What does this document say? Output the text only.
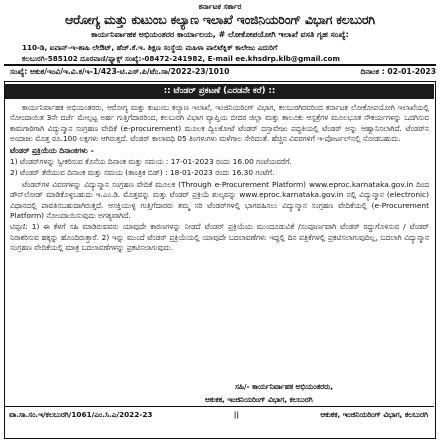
ಕರ್ನಾಟಕ ಸರ್ಕಾರ
ಆರೋಗ್ಯ ಮತ್ತು ಕುಟುಂಬ ಕಲ್ಯಾಣ ಇಲಾಖೆ ಇಂಜಿನಿಯರಿಂಗ್ ವಿಭಾಗ ಕಲಬುರಗಿ
ಕಾರ್ಯನಿರ್ವಾಹಕ ಅಭಿಯಂತರರ ಕಾರ್ಯಾಲಯ, # ಲೋಕೋಪಯೋಗಿ ಇಲಾಖೆ ವಸತಿ ಗೃಹ ಸಂಖ್ಯೆ:
110-ಡಿ, ಐವಾನ್-ಇ-ಶಾಹಿ ಲೇಔಟ್, ಹೆಚ್.ಕೆ.ಇ. ಶಿಕ್ಷಣ ಸಂಸ್ಥೆಯ ಮಹಿಳಾ ಪಾಲಿಟೆಕ್ನಿಕ್ ಕಾಲೇಜು ಎದುರಿಗೆ
ಕಲಬುರಗಿ-585102 ದೂರವಾಣಿ/ಫ್ಯಾಕ್ಸ್ ಸಂಖ್ಯೆ:-08472-241982, E-mail ee.khsdrp.klb@gmail.com
ಸಂಖ್ಯೆ: ಆಕುಕ/ಇಂವಿ/ಇ.ವಿ.ಕ/ಇ-1/423-ಟಿ.ಎಸ್.ಪಿ/ಟೆಂ.ಸಾ/2022-23/1010	ದಿನಾಂಕ : 02-01-2023
:: ಟೆಂಡರ್ ಪ್ರಕಟಣೆ (ಎರಡನೇ ಕರೆ) ::

ಕಾರ್ಯನಿರ್ವಾಹಕ ಅಭಿಯಂತರರು, ಆರೋಗ್ಯ ಮತ್ತು ಕುಟುಂಬ ಕಲ್ಯಾಣ ಇಲಾಖೆ, ಇಂಜಿನಿಯರಿಂಗ್ ವಿಭಾಗ, ಕಲಬುರಗಿರವರಿಂದ ಕರ್ನಾಟಕ ಲೋಕೋಪಯೋಗಿ ಇಲಾಖೆಯಲ್ಲಿ ನೋಂದಾಯಿತ 3ನೇ ದರ್ಜೆ ಮೇಲ್ಪಟ್ಟ ಅರ್ಹ ಗುತ್ತಿಗೆದಾರರಿಂದ, ಕಲಬುರಗಿ ವಿಭಾಗ ವ್ಯಾಪ್ತಿಯ ಬೀದರ ಜಿಲ್ಲಾ ಮತ್ತು ತಾಲೂಕು ಆಸ್ಪತ್ರೆಗಳ ಮೂಲಭೂತ ಸೌಕರ್ಯಗಳನ್ನು ಒದಗಿಸುವ ಕಾಮಗಾರಿಗಾಗಿ ವಿದ್ಯುನ್ಮಾನ ಸಂಗ್ರಹಣ ವೇದಿಕೆ (e-procurement) ಮೂಲಕ ದ್ವಿಲಕೋಟೆ ಟೆಂಡರ್ ದಸ್ತಾವೇಜು ಪದ್ಧತಿಯಲ್ಲಿ ಟೆಂಡರ್ ಅನ್ನು ಆಹ್ವಾನಿಸಲಾಗಿದೆ. ಟೆಂಡರ್‌ನ ಅಂದಾಜು ಮೊತ್ತ ರೂ.100 ಲಕ್ಷಗಳು ಆಗಿರುತ್ತದೆ. ಟೆಂಡರ್ ಕಾಲಾವಧಿ 05 ತಿಂಗಳುಗಳು ಮಳೆಗಾಲ ಸೇರಿದಂತೆ. ಹೆಚ್ಚಿನ ವಿವರಗಳಿಗೆ ಇ-ಪೋರ್ಟಲ್‌ನಲ್ಲಿ ನೋಡಬಹುದು.

ಟೆಂಡರ್ ಪ್ರಕ್ರಿಯೆಯ ದಿನಾಂಕಗಳು –

1) ಟೆಂಡರ್‌ಗಳನ್ನು ಸ್ವೀಕರಿಸುವ ಕೊನೆಯ ದಿನಾಂಕ ಮತ್ತು ಸಮಯ : 17-01-2023 ರಂದು 16.00 ಗಂಟೆಯವರೆಗೆ.

2) ಟೆಂಡರ್ ತೆರೆಯುವ ದಿನಾಂಕ ಮತ್ತು ಸಮಯ (ತಾಂತ್ರಿಕ ಬಿಡ್) : 18-01-2023 ರಂದು 16.30 ಗಂಟೆಗೆ.

ಟೆಂಡರ್‌ಗಳ ವಿವರಗಳನ್ನು ವಿದ್ಯುನ್ಮಾನ ಸಂಗ್ರಹಣ ವೇದಿಕೆ ಮೂಲಕ (Through e-Procurement Platform) www.eproc.karnataka.gov.in ದಿಂದ ಡೌನ್‌ಲೋಡ್ ಮಾಡಿಕೊಳ್ಳಬಹುದು ಇ.ಎಂ.ಡಿ. ಮೊತ್ತವನ್ನು ಮತ್ತು ಟೆಂಡರ್ ಪ್ರಕ್ರಿಯೆ ಶುಲ್ಕವನ್ನು www.eproc.karnataka.gov.in ನಲ್ಲಿ ವಿದ್ಯುನ್ಮಾನ (electronic) ವಿಧಾನದಲ್ಲಿ ಪಾವತಿಸಬಹುದಾಗಿರುತ್ತದೆ. ಆಸಕ್ತಿಯುಳ್ಳ ಗುತ್ತಿಗೆದಾರರು ತಮ್ಮ ಸರಿ ಟೆಂಡರ್‌ಗಳಲ್ಲಿ ಭಾಗವಹಿಸಲು ವಿದ್ಯುನ್ಮಾನ ಸಂಗ್ರಹಣ ವೇದಿಕೆಯಲ್ಲಿ (e-Procurement Platform) ನೋಂದಾಯಿಸುವುದು ಅಗತ್ಯವಾಗಿದೆ.

ಟಿಪ್ಪಣಿ: 1) ಈ ಕೆಳಗೆ ಸಹಿ ಮಾಡಿರುವವರು ಯಾವುದೇ ಕಾರಣಗಳನ್ನು ನೀಡದೆ ಟೆಂಡರ್ ಪ್ರಕ್ರಿಯೆಯ ಮುಂದೂಡುವಿಕೆ /ಸಂಪೂರ್ಣವಾಗಿ ಟೆಂಡರ್ ರದ್ದುಗೊಳಿಸುವ / ಟೆಂಡರ್ ನಿರಾಕರಿಸುವ ಹಕ್ಕನ್ನು ಹೊಂದಿರುತ್ತಾರೆ. 2) ಇನ್ನು ಮುಂದೆ ಟೆಂಡರ್ ಪ್ರಕ್ರಿಯೆಯಲ್ಲಿ ಯಾವುದೇ ಬದಲಾವಣೆಗಳು ಇದ್ದಲ್ಲಿ ದಿನ ಪತ್ರಿಕೆಗಳಲ್ಲಿ ಪ್ರಕಟಿಸಲಾಗುವುದಿಲ್ಲ, ಬದಲಾಗಿ ವಿದ್ಯುನ್ಮಾನ ಸಂಗ್ರಹಣ ವೇದಿಕೆಯಲ್ಲಿ ಮಾತ್ರ ಬದಲಾವಣೆಗಳನ್ನು ಪ್ರಕಟಿಸಲಾಗುವುದು.

ಸಹಿ/- ಕಾರ್ಯನಿರ್ವಾಹಕ ಅಭಿಯಂತರರು,
ಆಕುಕಕ, ಇಂಜಿನಿಯರಿಂಗ್ ವಿಭಾಗ, ಕಲಬುರಗಿ
ವಾ.ಸಾ.ಸಂ.ಇ/ಕಲಬುರಗಿ/1061/ಎಂ.ಸಿ.ಎ/2022-23	||	ಆಕುಕಕ, ಇಂಜಿನಿಯರಿಂಗ್ ವಿಭಾಗ, ಕಲಬುರಗಿ
